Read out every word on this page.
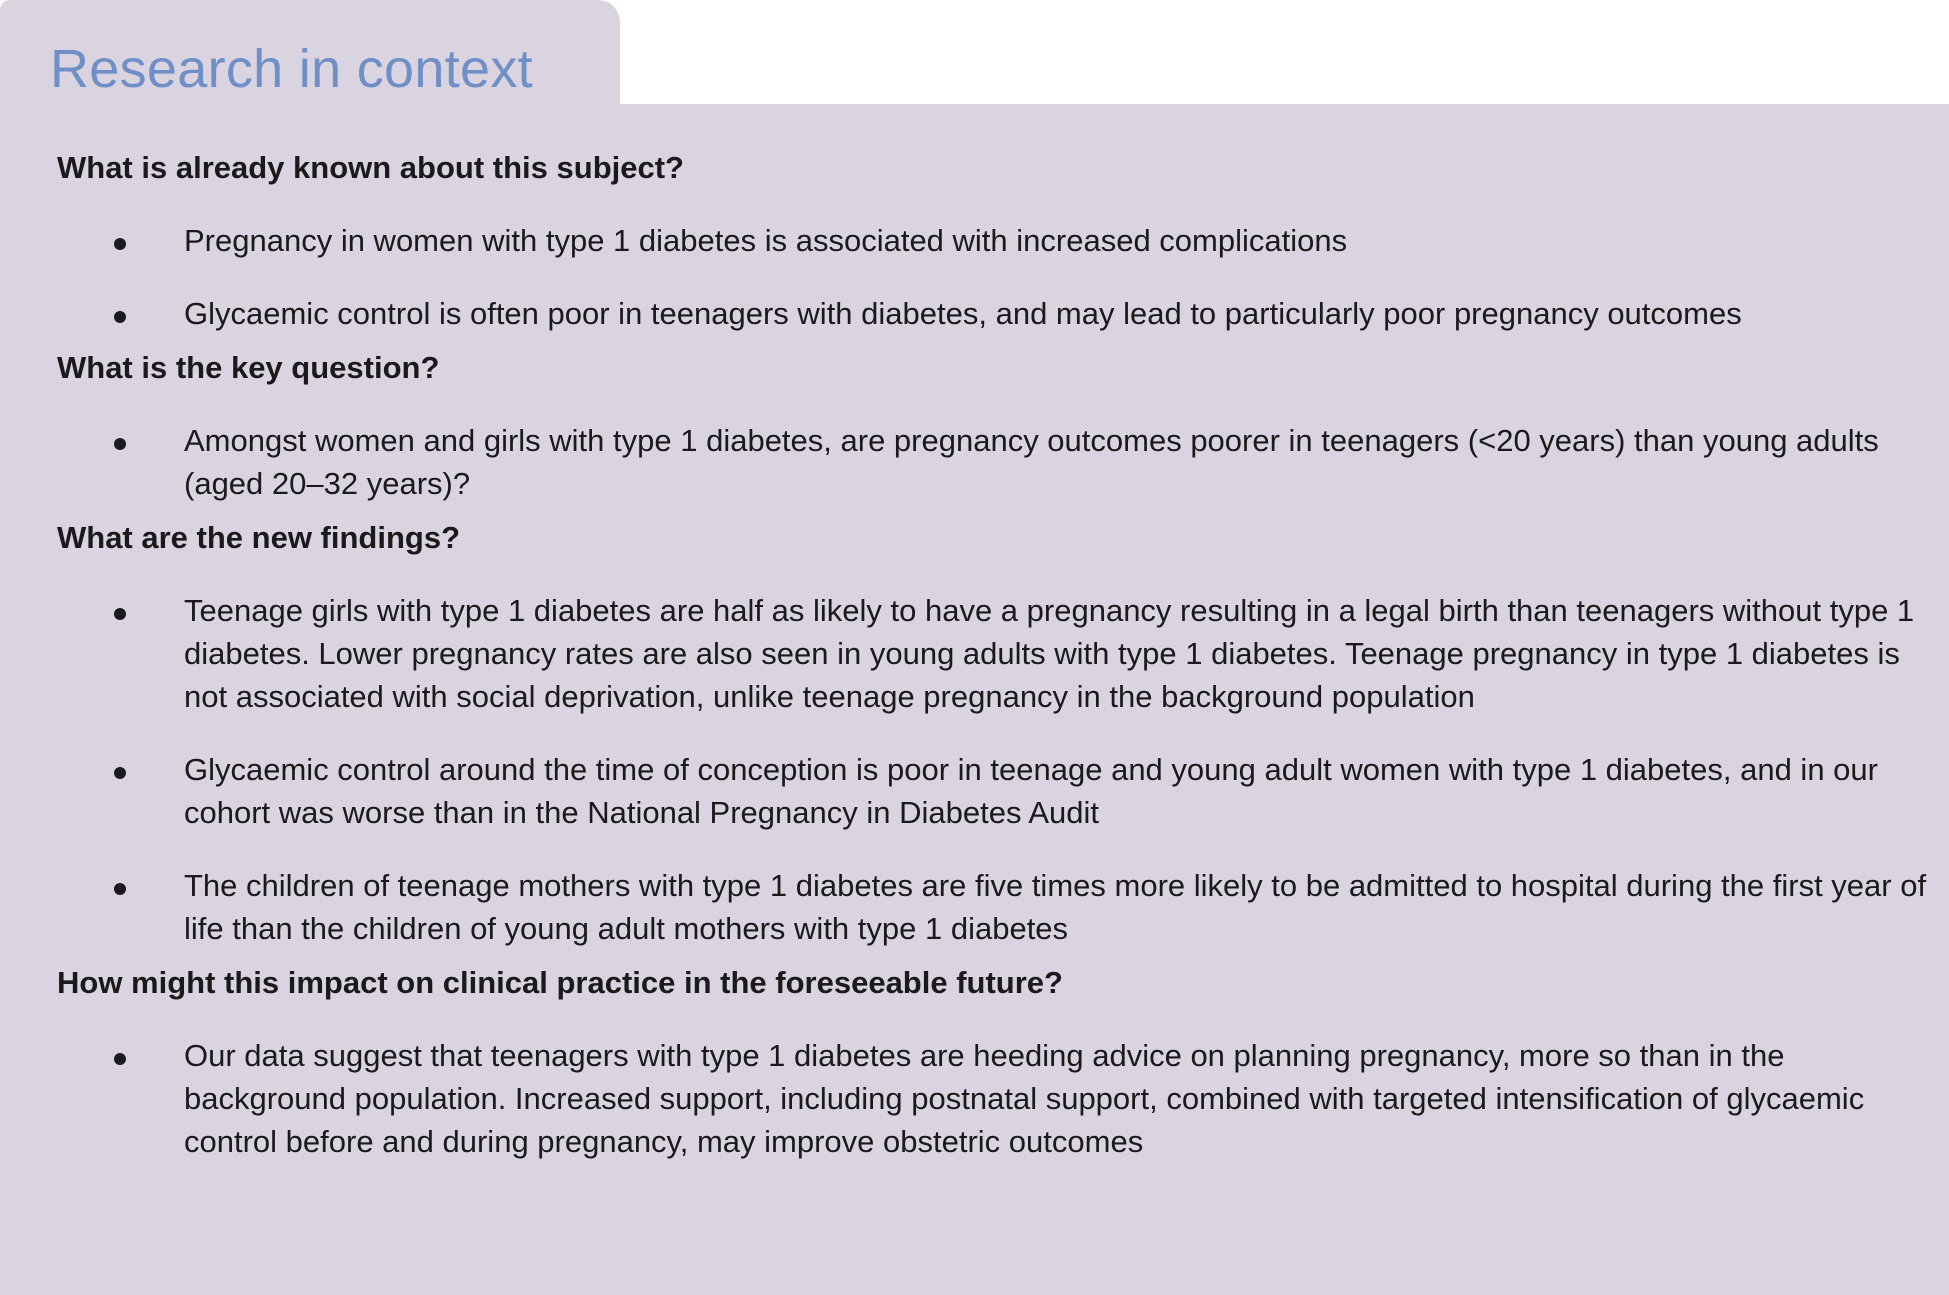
Research in context
What is already known about this subject?
Pregnancy in women with type 1 diabetes is associated with increased complications
Glycaemic control is often poor in teenagers with diabetes, and may lead to particularly poor pregnancy outcomes
What is the key question?
Amongst women and girls with type 1 diabetes, are pregnancy outcomes poorer in teenagers (<20 years) than young adults (aged 20–32 years)?
What are the new findings?
Teenage girls with type 1 diabetes are half as likely to have a pregnancy resulting in a legal birth than teenagers without type 1 diabetes. Lower pregnancy rates are also seen in young adults with type 1 diabetes. Teenage pregnancy in type 1 diabetes is not associated with social deprivation, unlike teenage pregnancy in the background population
Glycaemic control around the time of conception is poor in teenage and young adult women with type 1 diabetes, and in our cohort was worse than in the National Pregnancy in Diabetes Audit
The children of teenage mothers with type 1 diabetes are five times more likely to be admitted to hospital during the first year of life than the children of young adult mothers with type 1 diabetes
How might this impact on clinical practice in the foreseeable future?
Our data suggest that teenagers with type 1 diabetes are heeding advice on planning pregnancy, more so than in the background population. Increased support, including postnatal support, combined with targeted intensification of glycaemic control before and during pregnancy, may improve obstetric outcomes
